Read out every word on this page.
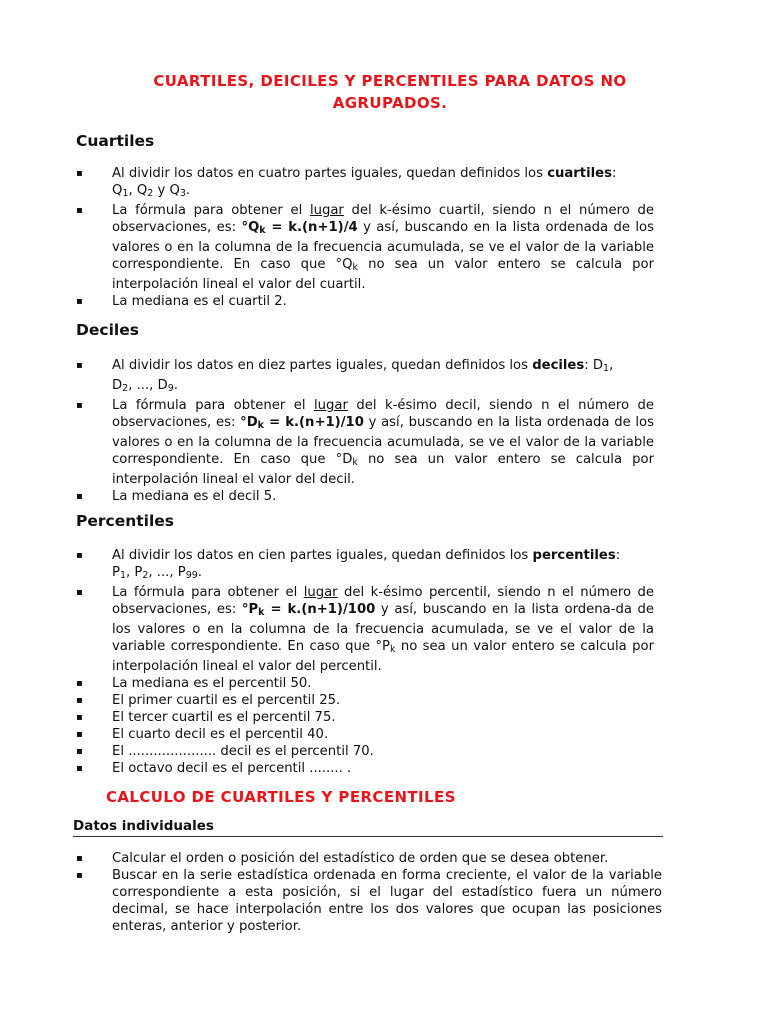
CUARTILES, DEICILES Y PERCENTILES PARA DATOS NO
AGRUPADOS.
Cuartiles
▪ Al dividir los datos en cuatro partes iguales, quedan definidos los cuartiles:
$Q_1$, $Q_2$ y $Q_3$.
▪ La fórmula para obtener el lugar del k-ésimo cuartil, siendo n el número de observaciones, es: $^\circ Q_k = k.(n+1)/4$ y así, buscando en la lista ordenada de los valores o en la columna de la frecuencia acumulada, se ve el valor de la variable correspondiente. En caso que $^\circ Q_k$ no sea un valor entero se calcula por interpolación lineal el valor del cuartil.
▪ La mediana es el cuartil 2.
Deciles
▪ Al dividir los datos en diez partes iguales, quedan definidos los deciles: $D_1$,
$D_2$, ..., $D_9$.
▪ La fórmula para obtener el lugar del k-ésimo decil, siendo n el número de observaciones, es: $^\circ D_k = k.(n+1)/10$ y así, buscando en la lista ordenada de los valores o en la columna de la frecuencia acumulada, se ve el valor de la variable correspondiente. En caso que $^\circ D_k$ no sea un valor entero se calcula por interpolación lineal el valor del decil.
▪ La mediana es el decil 5.
Percentiles
▪ Al dividir los datos en cien partes iguales, quedan definidos los percentiles:
$P_1$, $P_2$, ..., $P_{99}$.
▪ La fórmula para obtener el lugar del k-ésimo percentil, siendo n el número de observaciones, es: $^\circ P_k = k.(n+1)/100$ y así, buscando en la lista ordena-da de los valores o en la columna de la frecuencia acumulada, se ve el valor de la variable correspondiente. En caso que $^\circ P_k$ no sea un valor entero se calcula por interpolación lineal el valor del percentil.
▪ La mediana es el percentil 50.
▪ El primer cuartil es el percentil 25.
▪ El tercer cuartil es el percentil 75.
▪ El cuarto decil es el percentil 40.
▪ El ..................... decil es el percentil 70.
▪ El octavo decil es el percentil ........ .
CALCULO DE CUARTILES Y PERCENTILES
Datos individuales
▪ Calcular el orden o posición del estadístico de orden que se desea obtener.
▪ Buscar en la serie estadística ordenada en forma creciente, el valor de la variable correspondiente a esta posición, si el lugar del estadístico fuera un número decimal, se hace interpolación entre los dos valores que ocupan las posiciones enteras, anterior y posterior.
